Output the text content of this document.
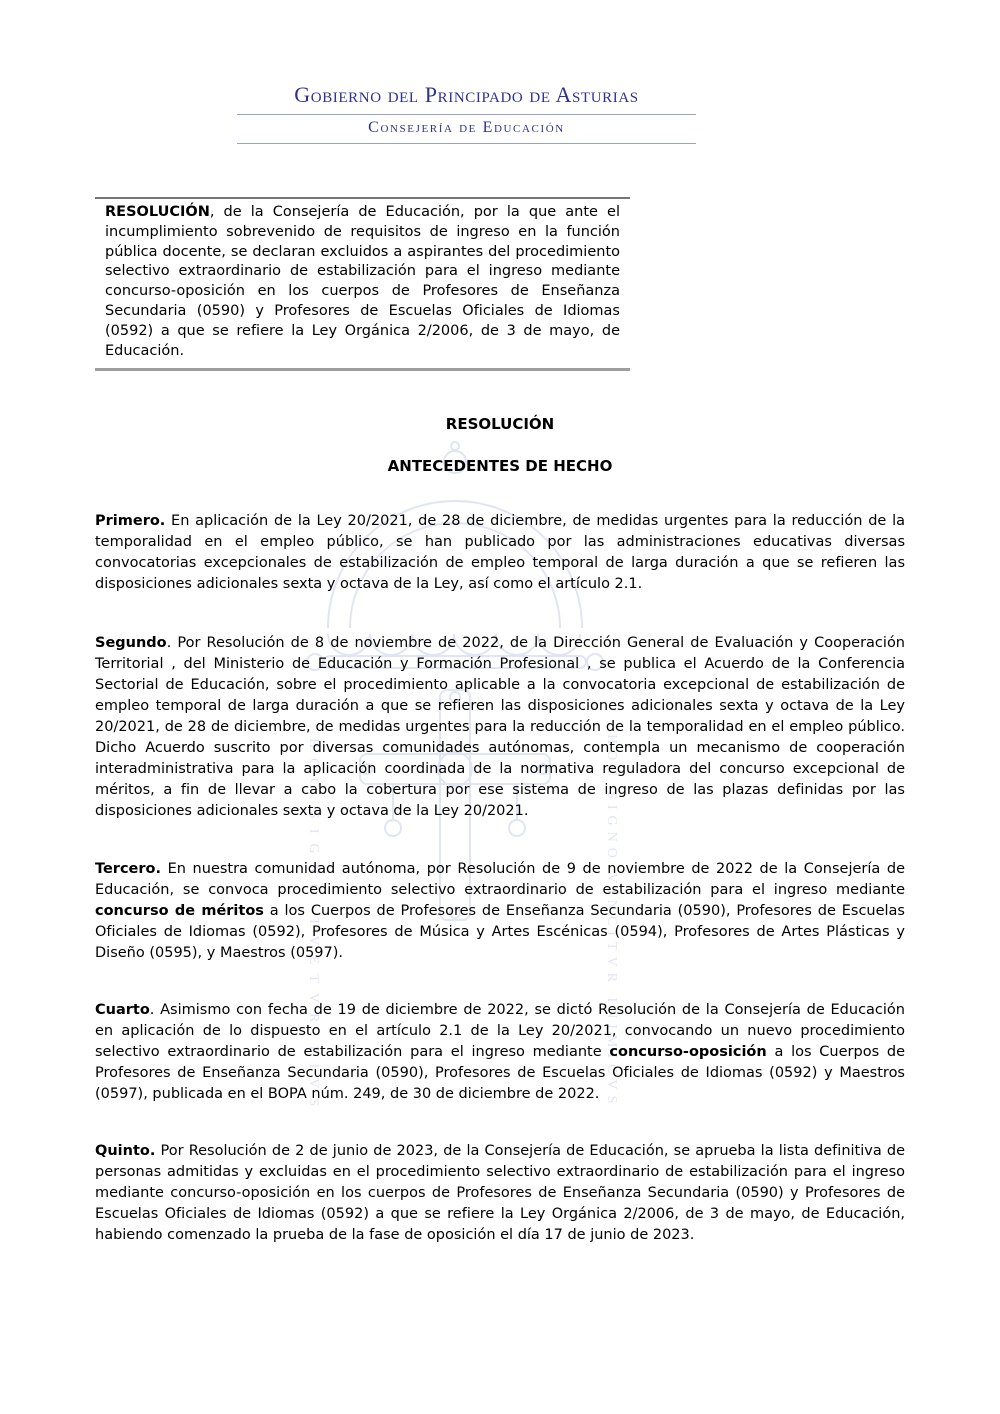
HOC SIGNO TVETVR PIVS	HOC SIGNO VINCITVR INIMICVS
Gobierno del Principado de Asturias
Consejería de Educación
RESOLUCIÓN, de la Consejería de Educación, por la que ante el incumplimiento sobrevenido de requisitos de ingreso en la función pública docente, se declaran excluidos a aspirantes del procedimiento selectivo extraordinario de estabilización para el ingreso mediante concurso-oposición en los cuerpos de Profesores de Enseñanza Secundaria (0590) y Profesores de Escuelas Oficiales de Idiomas (0592) a que se refiere la Ley Orgánica 2/2006, de 3 de mayo, de Educación.
RESOLUCIÓN
ANTECEDENTES DE HECHO

Primero. En aplicación de la Ley 20/2021, de 28 de diciembre, de medidas urgentes para la reducción de la temporalidad en el empleo público, se han publicado por las administraciones educativas diversas convocatorias excepcionales de estabilización de empleo temporal de larga duración a que se refieren las disposiciones adicionales sexta y octava de la Ley, así como el artículo 2.1.

Segundo. Por Resolución de 8 de noviembre de 2022, de la Dirección General de Evaluación y Cooperación Territorial , del Ministerio de Educación y Formación Profesional , se publica el Acuerdo de la Conferencia Sectorial de Educación, sobre el procedimiento aplicable a la convocatoria excepcional de estabilización de empleo temporal de larga duración a que se refieren las disposiciones adicionales sexta y octava de la Ley 20/2021, de 28 de diciembre, de medidas urgentes para la reducción de la temporalidad en el empleo público. Dicho Acuerdo suscrito por diversas comunidades autónomas, contempla un mecanismo de cooperación interadministrativa para la aplicación coordinada de la normativa reguladora del concurso excepcional de méritos, a fin de llevar a cabo la cobertura por ese sistema de ingreso de las plazas definidas por las disposiciones adicionales sexta y octava de la Ley 20/2021.

Tercero. En nuestra comunidad autónoma, por Resolución de 9 de noviembre de 2022 de la Consejería de Educación, se convoca procedimiento selectivo extraordinario de estabilización para el ingreso mediante concurso de méritos a los Cuerpos de Profesores de Enseñanza Secundaria (0590), Profesores de Escuelas Oficiales de Idiomas (0592), Profesores de Música y Artes Escénicas (0594), Profesores de Artes Plásticas y Diseño (0595), y Maestros (0597).

Cuarto. Asimismo con fecha de 19 de diciembre de 2022, se dictó Resolución de la Consejería de Educación en aplicación de lo dispuesto en el artículo 2.1 de la Ley 20/2021, convocando un nuevo procedimiento selectivo extraordinario de estabilización para el ingreso mediante concurso-oposición a los Cuerpos de Profesores de Enseñanza Secundaria (0590), Profesores de Escuelas Oficiales de Idiomas (0592) y Maestros (0597), publicada en el BOPA núm. 249, de 30 de diciembre de 2022.

Quinto. Por Resolución de 2 de junio de 2023, de la Consejería de Educación, se aprueba la lista definitiva de personas admitidas y excluidas en el procedimiento selectivo extraordinario de estabilización para el ingreso mediante concurso-oposición en los cuerpos de Profesores de Enseñanza Secundaria (0590) y Profesores de Escuelas Oficiales de Idiomas (0592) a que se refiere la Ley Orgánica 2/2006, de 3 de mayo, de Educación, habiendo comenzado la prueba de la fase de oposición el día 17 de junio de 2023.
